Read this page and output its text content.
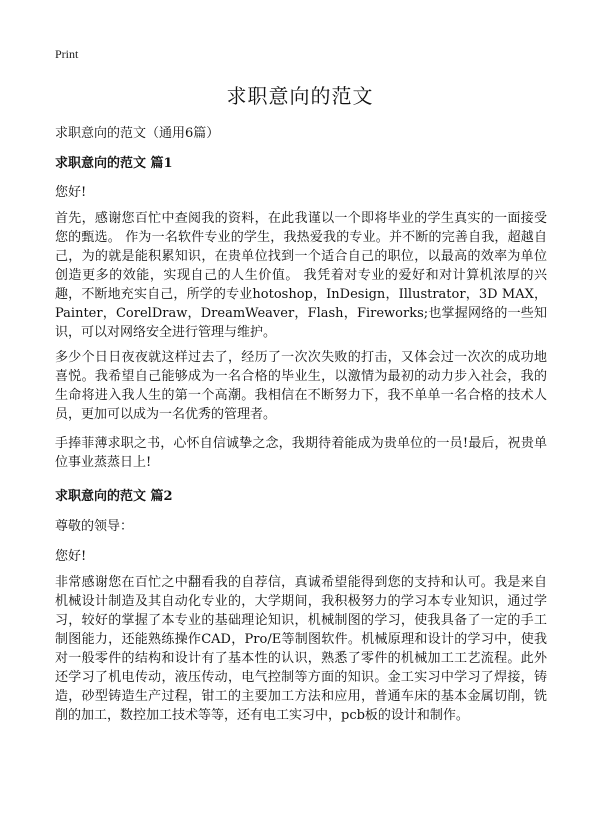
Print
求职意向的范文
求职意向的范文（通用6篇）
求职意向的范文 篇1
您好!
首先，感谢您百忙中查阅我的资料，在此我谨以一个即将毕业的学生真实的一面接受您的甄选。 作为一名软件专业的学生，我热爱我的专业。并不断的完善自我，超越自己，为的就是能积累知识，在贵单位找到一个适合自己的职位，以最高的效率为单位创造更多的效能，实现自己的人生价值。 我凭着对专业的爱好和对计算机浓厚的兴趣，不断地充实自己，所学的专业hotoshop，InDesign，Illustrator，3D MAX，Painter，CorelDraw，DreamWeaver，Flash，Fireworks;也掌握网络的一些知识，可以对网络安全进行管理与维护。
多少个日日夜夜就这样过去了，经历了一次次失败的打击，又体会过一次次的成功地喜悦。我希望自己能够成为一名合格的毕业生，以激情为最初的动力步入社会，我的生命将进入我人生的第一个高潮。我相信在不断努力下，我不单单一名合格的技术人员，更加可以成为一名优秀的管理者。
手捧菲薄求职之书，心怀自信诚挚之念，我期待着能成为贵单位的一员!最后，祝贵单位事业蒸蒸日上!
求职意向的范文 篇2
尊敬的领导：
您好!
非常感谢您在百忙之中翻看我的自荐信，真诚希望能得到您的支持和认可。我是来自机械设计制造及其自动化专业的，大学期间，我积极努力的学习本专业知识，通过学习，较好的掌握了本专业的基础理论知识，机械制图的学习，使我具备了一定的手工制图能力，还能熟练操作CAD，Pro/E等制图软件。机械原理和设计的学习中，使我对一般零件的结构和设计有了基本性的认识，熟悉了零件的机械加工工艺流程。此外还学习了机电传动，液压传动，电气控制等方面的知识。金工实习中学习了焊接，铸造，砂型铸造生产过程，钳工的主要加工方法和应用，普通车床的基本金属切削，铣削的加工，数控加工技术等等，还有电工实习中，pcb板的设计和制作。
